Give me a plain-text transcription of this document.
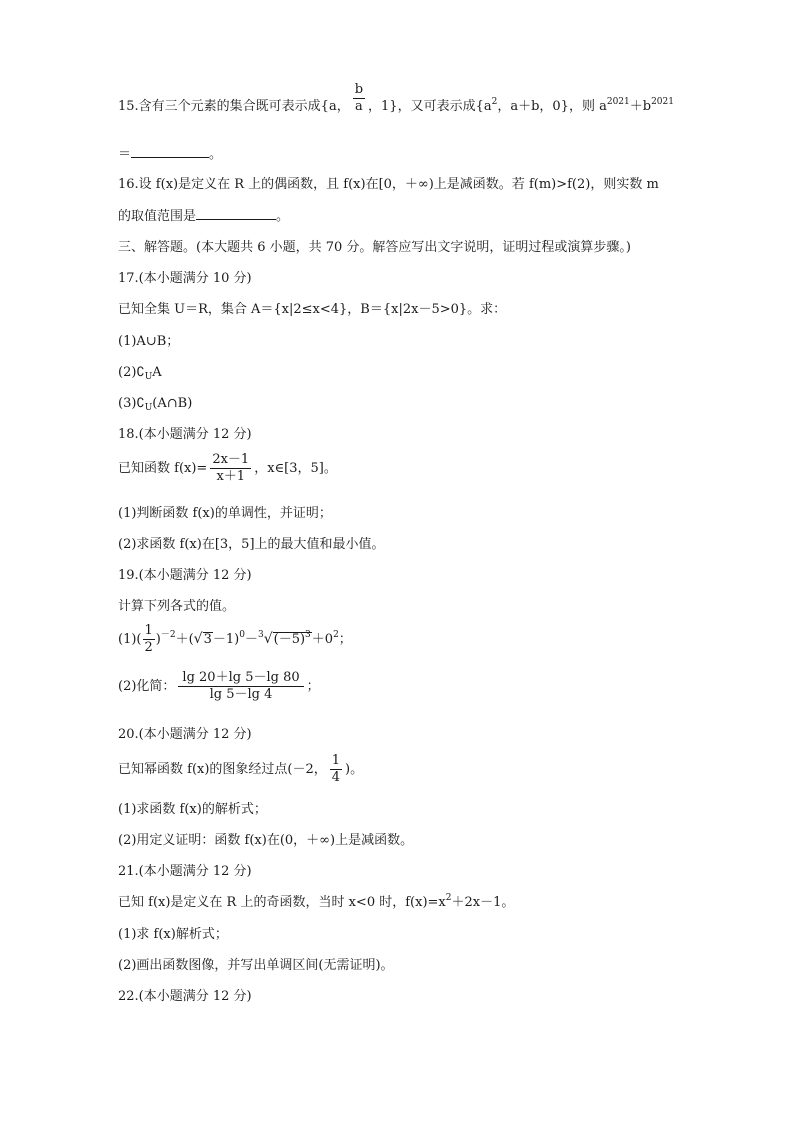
15.含有三个元素的集合既可表示成{a， $\frac{b}{a}$ ，1}，又可表示成{$a^2$，a＋b，0}，则 $a^{2021}+b^{2021}$
＝	。
16.设 f(x)是定义在 R 上的偶函数，且 f(x)在[0，＋∞)上是减函数。若 f(m)>f(2)，则实数 m
的取值范围是	。
三、解答题。(本大题共 6 小题，共 70 分。解答应写出文字说明，证明过程或演算步骤。)
17.(本小题满分 10 分)
已知全集 U＝R，集合 A＝{x|2≤x<4}，B＝{x|2x－5>0}。求：
(1)A∪B；
$(2)∁_UA$
$(3)∁_U(A\cap B)$
18.(本小题满分 12 分)
已知函数 $f(x)= \frac{2x-1}{x+1}$ ，x∈[3，5]。
(1)判断函数 f(x)的单调性，并证明；
(2)求函数 f(x)在[3，5]上的最大值和最小值。
19.(本小题满分 12 分)
计算下列各式的值。
$(1)( \frac{1}{2} )^{-2}+(√3-1)^0-^3√(-5)^3+0^2$；
(2)化简： $\frac{\lg 20+\lg 5-\lg 80}{\lg 5-\lg 4}$ ；
20.(本小题满分 12 分)
已知幂函数 f(x)的图象经过点(－2， $\frac{1}{4}$ )。
(1)求函数 f(x)的解析式；
(2)用定义证明：函数 f(x)在(0，＋∞)上是减函数。
21.(本小题满分 12 分)
已知 f(x)是定义在 R 上的奇函数，当时 x<0 时，$f(x)=x^2+2x-1$。
(1)求 f(x)解析式；
(2)画出函数图像，并写出单调区间(无需证明)。
22.(本小题满分 12 分)
